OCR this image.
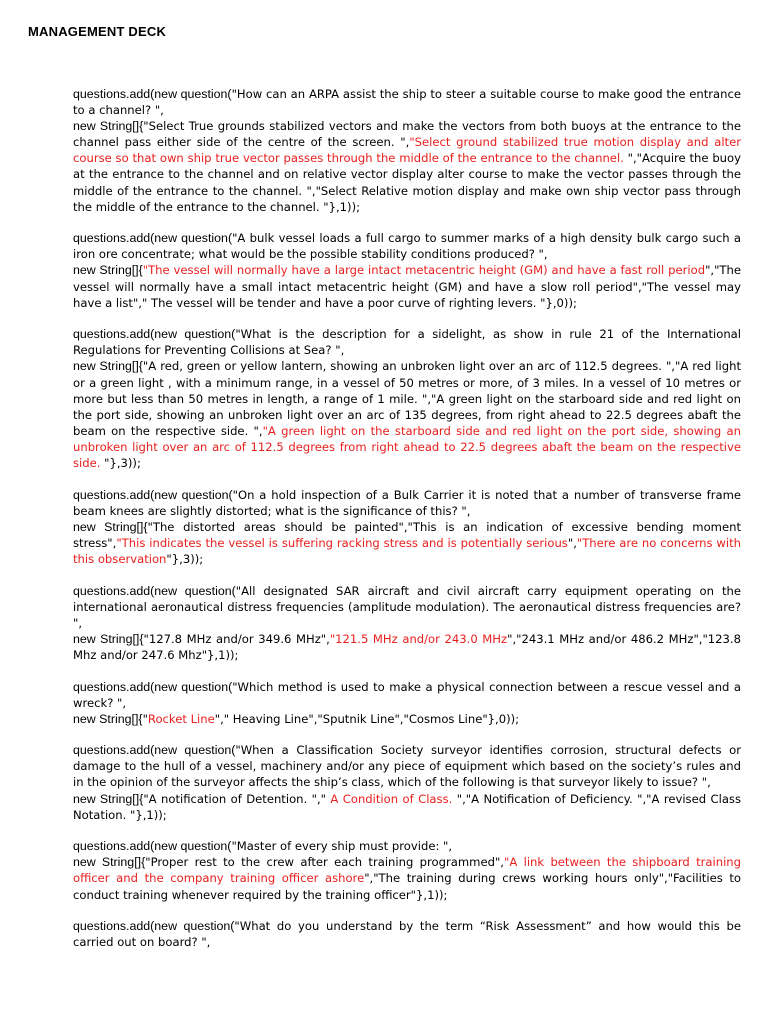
MANAGEMENT DECK
questions.add(new question("How can an ARPA assist the ship to steer a suitable course to make good the entrance to a channel? ",
new String[]{"Select True grounds stabilized vectors and make the vectors from both buoys at the entrance to the channel pass either side of the centre of the screen. ","Select ground stabilized true motion display and alter course so that own ship true vector passes through the middle of the entrance to the channel. ","Acquire the buoy at the entrance to the channel and on relative vector display alter course to make the vector passes through the middle of the entrance to the channel. ","Select Relative motion display and make own ship vector pass through the middle of the entrance to the channel. "},1));
questions.add(new question("A bulk vessel loads a full cargo to summer marks of a high density bulk cargo such a iron ore concentrate; what would be the possible stability conditions produced? ",
new String[]{"The vessel will normally have a large intact metacentric height (GM) and have a fast roll period","The vessel will normally have a small intact metacentric height (GM) and have a slow roll period","The vessel may have a list"," The vessel will be tender and have a poor curve of righting levers. "},0));
questions.add(new question("What is the description for a sidelight, as show in rule 21 of the International Regulations for Preventing Collisions at Sea? ",
new String[]{"A red, green or yellow lantern, showing an unbroken light over an arc of 112.5 degrees. ","A red light or a green light , with a minimum range, in a vessel of 50 metres or more, of 3 miles. In a vessel of 10 metres or more but less than 50 metres in length, a range of 1 mile. ","A green light on the starboard side and red light on the port side, showing an unbroken light over an arc of 135 degrees, from right ahead to 22.5 degrees abaft the beam on the respective side. ","A green light on the starboard side and red light on the port side, showing an unbroken light over an arc of 112.5 degrees from right ahead to 22.5 degrees abaft the beam on the respective side. "},3));
questions.add(new question("On a hold inspection of a Bulk Carrier it is noted that a number of transverse frame beam knees are slightly distorted; what is the significance of this? ",
new String[]{"The distorted areas should be painted","This is an indication of excessive bending moment stress","This indicates the vessel is suffering racking stress and is potentially serious","There are no concerns with this observation"},3));
questions.add(new question("All designated SAR aircraft and civil aircraft carry equipment operating on the international aeronautical distress frequencies (amplitude modulation). The aeronautical distress frequencies are? ",
new String[]{"127.8 MHz and/or 349.6 MHz","121.5 MHz and/or 243.0 MHz","243.1 MHz and/or 486.2 MHz","123.8 Mhz and/or 247.6 Mhz"},1));
questions.add(new question("Which method is used to make a physical connection between a rescue vessel and a wreck? ",
new String[]{"Rocket Line"," Heaving Line","Sputnik Line","Cosmos Line"},0));
questions.add(new question("When a Classification Society surveyor identifies corrosion, structural defects or damage to the hull of a vessel, machinery and/or any piece of equipment which based on the society’s rules and in the opinion of the surveyor affects the ship’s class, which of the following is that surveyor likely to issue? ",
new String[]{"A notification of Detention. "," A Condition of Class. ","A Notification of Deficiency. ","A revised Class Notation. "},1));
questions.add(new question("Master of every ship must provide: ",
new String[]{"Proper rest to the crew after each training programmed","A link between the shipboard training officer and the company training officer ashore","The training during crews working hours only","Facilities to conduct training whenever required by the training officer"},1));
questions.add(new question("What do you understand by the term “Risk Assessment” and how would this be carried out on board? ",
